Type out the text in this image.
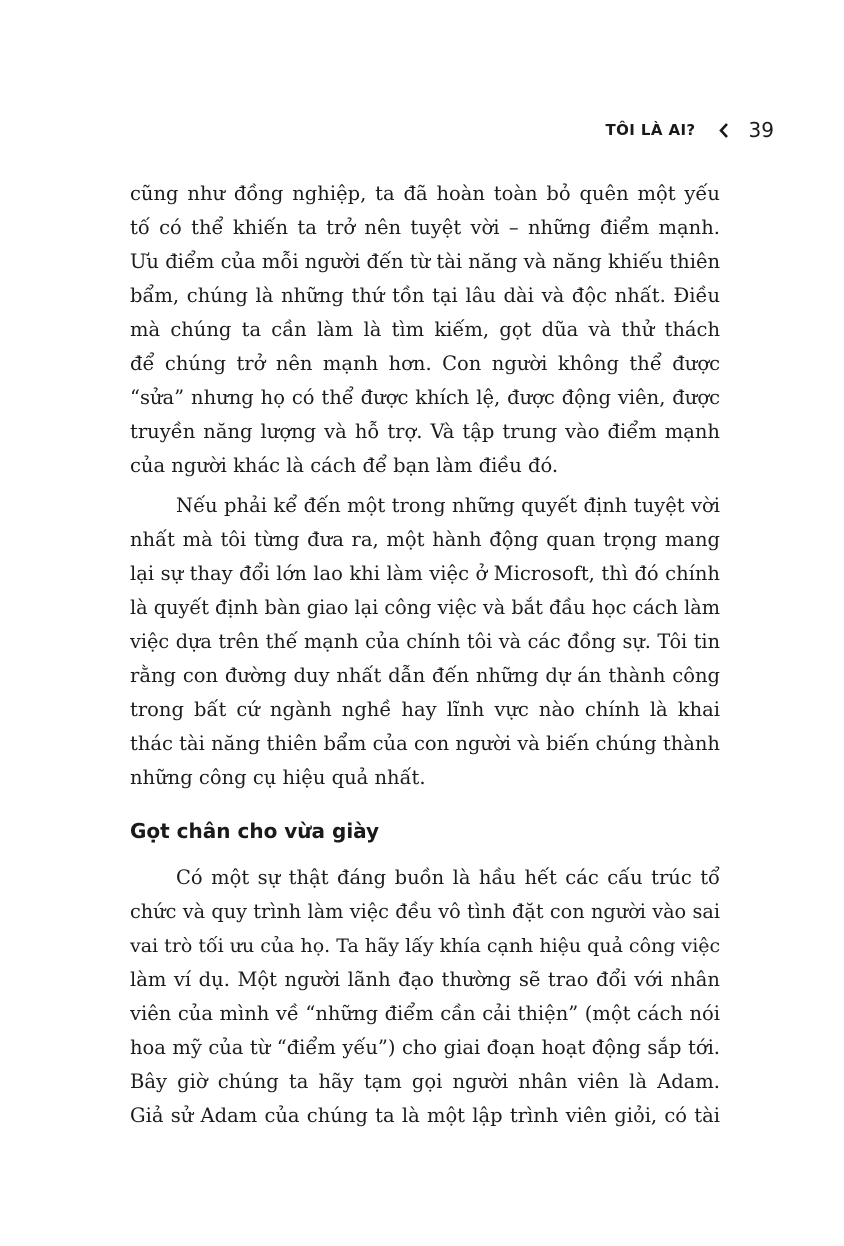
TÔI LÀ AI?	39
cũng như đồng nghiệp, ta đã hoàn toàn bỏ quên một yếu
tố có thể khiến ta trở nên tuyệt vời – những điểm mạnh.
Ưu điểm của mỗi người đến từ tài năng và năng khiếu thiên
bẩm, chúng là những thứ tồn tại lâu dài và độc nhất. Điều
mà chúng ta cần làm là tìm kiếm, gọt dũa và thử thách
để chúng trở nên mạnh hơn. Con người không thể được
“sửa” nhưng họ có thể được khích lệ, được động viên, được
truyền năng lượng và hỗ trợ. Và tập trung vào điểm mạnh
của người khác là cách để bạn làm điều đó.
Nếu phải kể đến một trong những quyết định tuyệt vời
nhất mà tôi từng đưa ra, một hành động quan trọng mang
lại sự thay đổi lớn lao khi làm việc ở Microsoft, thì đó chính
là quyết định bàn giao lại công việc và bắt đầu học cách làm
việc dựa trên thế mạnh của chính tôi và các đồng sự. Tôi tin
rằng con đường duy nhất dẫn đến những dự án thành công
trong bất cứ ngành nghề hay lĩnh vực nào chính là khai
thác tài năng thiên bẩm của con người và biến chúng thành
những công cụ hiệu quả nhất.
Gọt chân cho vừa giày
Có một sự thật đáng buồn là hầu hết các cấu trúc tổ
chức và quy trình làm việc đều vô tình đặt con người vào sai
vai trò tối ưu của họ. Ta hãy lấy khía cạnh hiệu quả công việc
làm ví dụ. Một người lãnh đạo thường sẽ trao đổi với nhân
viên của mình về “những điểm cần cải thiện” (một cách nói
hoa mỹ của từ “điểm yếu”) cho giai đoạn hoạt động sắp tới.
Bây giờ chúng ta hãy tạm gọi người nhân viên là Adam.
Giả sử Adam của chúng ta là một lập trình viên giỏi, có tài
